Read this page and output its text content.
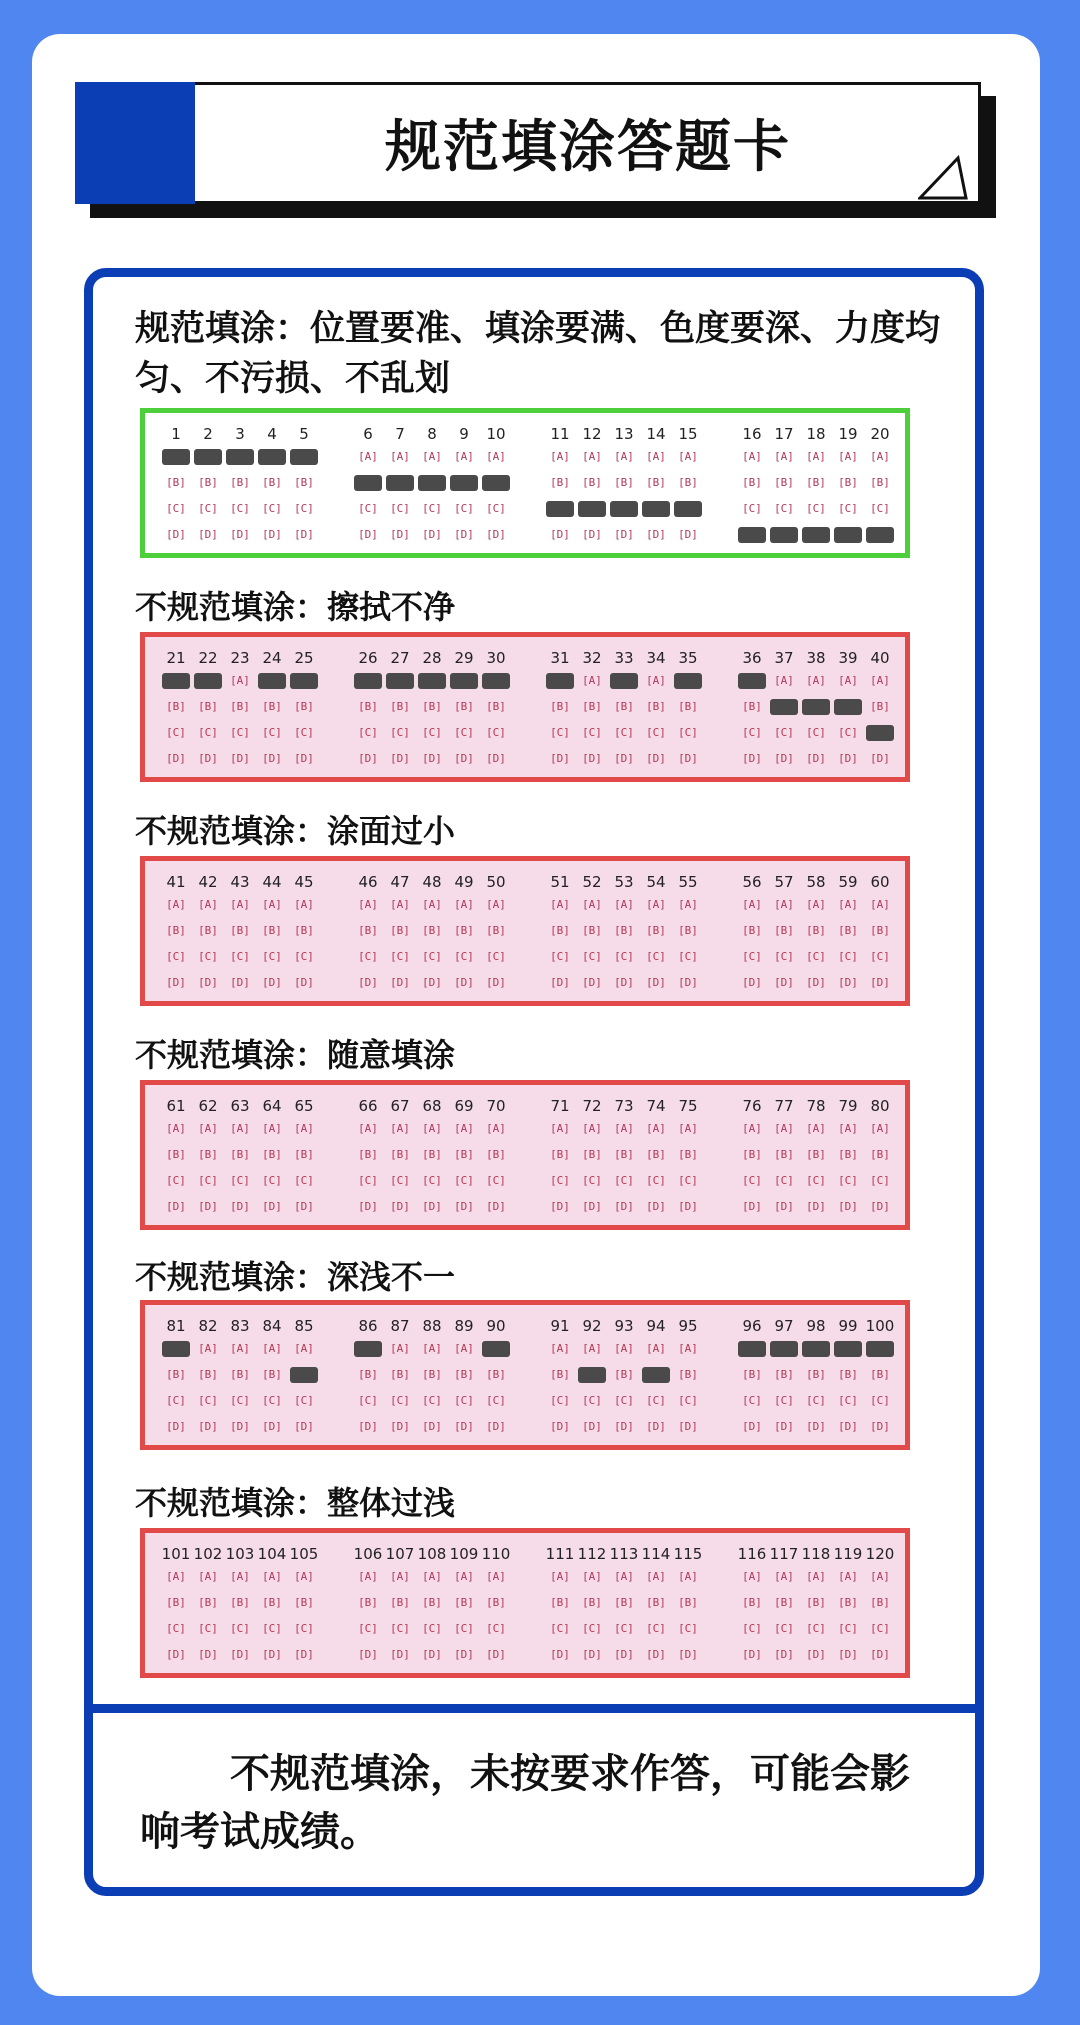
规范填涂答题卡
规范填涂：位置要准、填涂要满、色度要深、力度均匀、不污损、不乱划
1
[B]
[C]
[D]
2
[B]
[C]
[D]
3
[B]
[C]
[D]
4
[B]
[C]
[D]
5
[B]
[C]
[D]
6
[A]
[C]
[D]
7
[A]
[C]
[D]
8
[A]
[C]
[D]
9
[A]
[C]
[D]
10
[A]
[C]
[D]
11
[A]
[B]
[D]
12
[A]
[B]
[D]
13
[A]
[B]
[D]
14
[A]
[B]
[D]
15
[A]
[B]
[D]
16
[A]
[B]
[C]
17
[A]
[B]
[C]
18
[A]
[B]
[C]
19
[A]
[B]
[C]
20
[A]
[B]
[C]
不规范填涂：擦拭不净
21
[B]
[C]
[D]
22
[B]
[C]
[D]
23
[A]
[B]
[C]
[D]
24
[B]
[C]
[D]
25
[B]
[C]
[D]
26
[B]
[C]
[D]
27
[B]
[C]
[D]
28
[B]
[C]
[D]
29
[B]
[C]
[D]
30
[B]
[C]
[D]
31
[B]
[C]
[D]
32
[A]
[B]
[C]
[D]
33
[B]
[C]
[D]
34
[A]
[B]
[C]
[D]
35
[B]
[C]
[D]
36
[B]
[C]
[D]
37
[A]
[C]
[D]
38
[A]
[C]
[D]
39
[A]
[C]
[D]
40
[A]
[B]
[D]
不规范填涂：涂面过小
41
[A]
[B]
[C]
[D]
42
[A]
[B]
[C]
[D]
43
[A]
[B]
[C]
[D]
44
[A]
[B]
[C]
[D]
45
[A]
[B]
[C]
[D]
46
[A]
[B]
[C]
[D]
47
[A]
[B]
[C]
[D]
48
[A]
[B]
[C]
[D]
49
[A]
[B]
[C]
[D]
50
[A]
[B]
[C]
[D]
51
[A]
[B]
[C]
[D]
52
[A]
[B]
[C]
[D]
53
[A]
[B]
[C]
[D]
54
[A]
[B]
[C]
[D]
55
[A]
[B]
[C]
[D]
56
[A]
[B]
[C]
[D]
57
[A]
[B]
[C]
[D]
58
[A]
[B]
[C]
[D]
59
[A]
[B]
[C]
[D]
60
[A]
[B]
[C]
[D]
不规范填涂：随意填涂
61
[A]
[B]
[C]
[D]
62
[A]
[B]
[C]
[D]
63
[A]
[B]
[C]
[D]
64
[A]
[B]
[C]
[D]
65
[A]
[B]
[C]
[D]
66
[A]
[B]
[C]
[D]
67
[A]
[B]
[C]
[D]
68
[A]
[B]
[C]
[D]
69
[A]
[B]
[C]
[D]
70
[A]
[B]
[C]
[D]
71
[A]
[B]
[C]
[D]
72
[A]
[B]
[C]
[D]
73
[A]
[B]
[C]
[D]
74
[A]
[B]
[C]
[D]
75
[A]
[B]
[C]
[D]
76
[A]
[B]
[C]
[D]
77
[A]
[B]
[C]
[D]
78
[A]
[B]
[C]
[D]
79
[A]
[B]
[C]
[D]
80
[A]
[B]
[C]
[D]
不规范填涂：深浅不一
81
[B]
[C]
[D]
82
[A]
[B]
[C]
[D]
83
[A]
[B]
[C]
[D]
84
[A]
[B]
[C]
[D]
85
[A]
[C]
[D]
86
[B]
[C]
[D]
87
[A]
[B]
[C]
[D]
88
[A]
[B]
[C]
[D]
89
[A]
[B]
[C]
[D]
90
[B]
[C]
[D]
91
[A]
[B]
[C]
[D]
92
[A]
[C]
[D]
93
[A]
[B]
[C]
[D]
94
[A]
[C]
[D]
95
[A]
[B]
[C]
[D]
96
[B]
[C]
[D]
97
[B]
[C]
[D]
98
[B]
[C]
[D]
99
[B]
[C]
[D]
100
[B]
[C]
[D]
不规范填涂：整体过浅
101
[A]
[B]
[C]
[D]
102
[A]
[B]
[C]
[D]
103
[A]
[B]
[C]
[D]
104
[A]
[B]
[C]
[D]
105
[A]
[B]
[C]
[D]
106
[A]
[B]
[C]
[D]
107
[A]
[B]
[C]
[D]
108
[A]
[B]
[C]
[D]
109
[A]
[B]
[C]
[D]
110
[A]
[B]
[C]
[D]
111
[A]
[B]
[C]
[D]
112
[A]
[B]
[C]
[D]
113
[A]
[B]
[C]
[D]
114
[A]
[B]
[C]
[D]
115
[A]
[B]
[C]
[D]
116
[A]
[B]
[C]
[D]
117
[A]
[B]
[C]
[D]
118
[A]
[B]
[C]
[D]
119
[A]
[B]
[C]
[D]
120
[A]
[B]
[C]
[D]
不规范填涂，未按要求作答，可能会影响考试成绩。
